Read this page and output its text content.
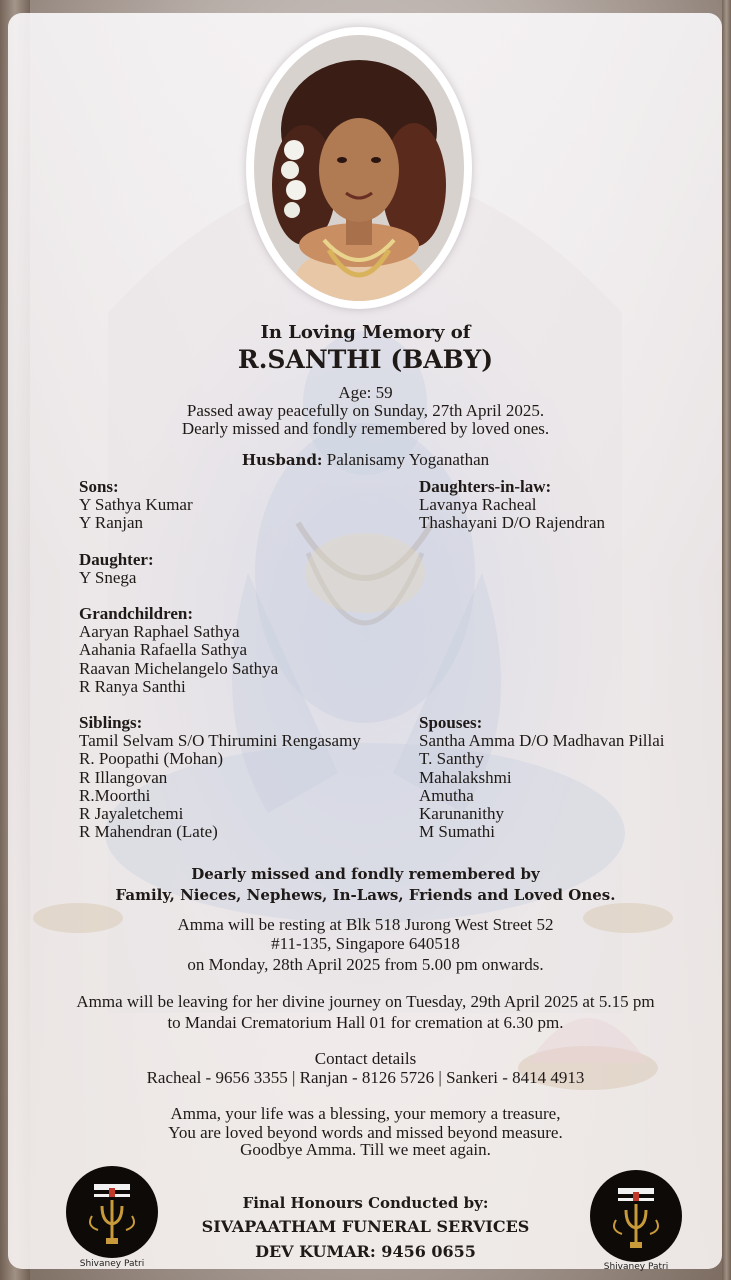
In Loving Memory of
R.SANTHI (BABY)
Age: 59
Passed away peacefully on Sunday, 27th April 2025.
Dearly missed and fondly remembered by loved ones.
Husband: Palanisamy Yoganathan
Sons:
Y Sathya Kumar
Y Ranjan
Daughter:
Y Snega
Grandchildren:
Aaryan Raphael Sathya
Aahania Rafaella Sathya
Raavan Michelangelo Sathya
R Ranya Santhi
Siblings:
Tamil Selvam S/O Thirumini Rengasamy
R. Poopathi (Mohan)
R Illangovan
R.Moorthi
R Jayaletchemi
R Mahendran (Late)
Daughters-in-law:
Lavanya Racheal
Thashayani D/O Rajendran
Spouses:
Santha Amma D/O Madhavan Pillai
T. Santhy
Mahalakshmi
Amutha
Karunanithy
M Sumathi
Dearly missed and fondly remembered by
Family, Nieces, Nephews, In-Laws, Friends and Loved Ones.
Amma will be resting at Blk 518 Jurong West Street 52
#11-135, Singapore 640518
on Monday, 28th April 2025 from 5.00 pm onwards.
Amma will be leaving for her divine journey on Tuesday, 29th April 2025 at 5.15 pm
to Mandai Crematorium Hall 01 for cremation at 6.30 pm.
Contact details
Racheal - 9656 3355 | Ranjan - 8126 5726 | Sankeri - 8414 4913
Amma, your life was a blessing, your memory a treasure,
You are loved beyond words and missed beyond measure.
Goodbye Amma. Till we meet again.
Final Honours Conducted by:
SIVAPAATHAM FUNERAL SERVICES
DEV KUMAR: 9456 0655
Shivaney Patri	Shivaney Patri
